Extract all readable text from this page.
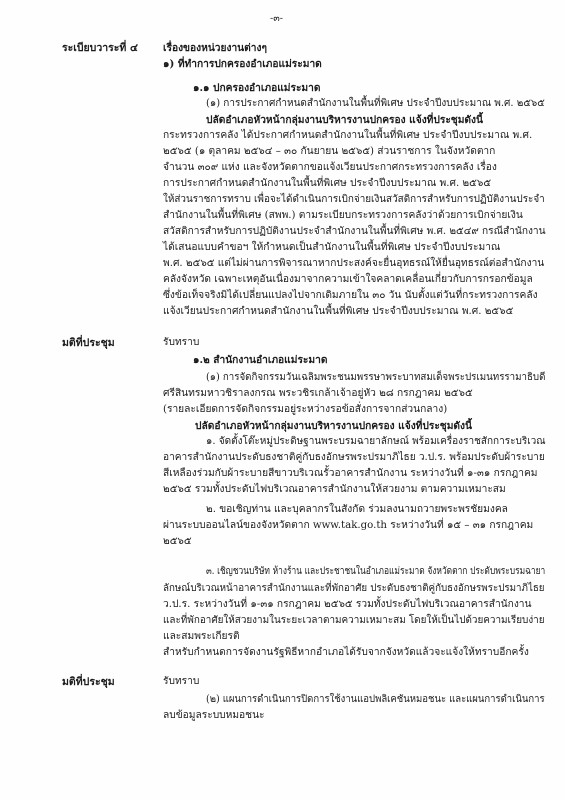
-๓-
ระเบียบวาระที่ ๔ เรื่องของหน่วยงานต่างๆ
๑) ที่ทำการปกครองอำเภอแม่ระมาด
๑.๑ ปกครองอำเภอแม่ระมาด
(๑) การประกาศกำหนดสำนักงานในพื้นที่พิเศษ ประจำปีงบประมาณ พ.ศ. ๒๕๖๕
ปลัดอำเภอหัวหน้ากลุ่มงานบริหารงานปกครอง แจ้งที่ประชุมดังนี้
กระทรวงการคลัง ได้ประกาศกำหนดสำนักงานในพื้นที่พิเศษ ประจำปีงบประมาณ พ.ศ.
๒๕๖๕ (๑ ตุลาคม ๒๕๖๔ – ๓๐ กันยายน ๒๕๖๕) ส่วนราชการ ในจังหวัดตาก
จำนวน ๓๐๙ แห่ง และจังหวัดตากขอแจ้งเวียนประกาศกระทรวงการคลัง เรื่อง
การประกาศกำหนดสำนักงานในพื้นที่พิเศษ ประจำปีงบประมาณ พ.ศ. ๒๕๖๕
ให้ส่วนราชการทราบ เพื่อจะได้ดำเนินการเบิกจ่ายเงินสวัสดิการสำหรับการปฏิบัติงานประจำ
สำนักงานในพื้นที่พิเศษ (สพพ.) ตามระเบียบกระทรวงการคลังว่าด้วยการเบิกจ่ายเงิน
สวัสดิการสำหรับการปฏิบัติงานประจำสำนักงานในพื้นที่พิเศษ พ.ศ. ๒๕๔๙ กรณีสำนักงาน
ได้เสนอแบบคำขอฯ ให้กำหนดเป็นสำนักงานในพื้นที่พิเศษ ประจำปีงบประมาณ
พ.ศ. ๒๕๖๕ แต่ไม่ผ่านการพิจารณาหากประสงค์จะยื่นอุทธรณ์ให้ยื่นอุทธรณ์ต่อสำนักงาน
คลังจังหวัด เฉพาะเหตุอันเนื่องมาจากความเข้าใจคลาดเคลื่อนเกี่ยวกับการกรอกข้อมูล
ซึ่งข้อเท็จจริงมิได้เปลี่ยนแปลงไปจากเดิมภายใน ๓๐ วัน นับตั้งแต่วันที่กระทรวงการคลัง
แจ้งเวียนประกาศกำหนดสำนักงานในพื้นที่พิเศษ ประจำปีงบประมาณ พ.ศ. ๒๕๖๕
มติที่ประชุม	รับทราบ
๑.๒ สำนักงานอำเภอแม่ระมาด
(๑) การจัดกิจกรรมวันเฉลิมพระชนมพรรษาพระบาทสมเด็จพระปรเมนทรรามาธิบดี
ศรีสินทรมหาวชิราลงกรณ พระวชิรเกล้าเจ้าอยู่หัว ๒๘ กรกฎาคม ๒๕๖๕
(รายละเอียดการจัดกิจกรรมอยู่ระหว่างรอข้อสั่งการจากส่วนกลาง)
ปลัดอำเภอหัวหน้ากลุ่มงานบริหารงานปกครอง แจ้งที่ประชุมดังนี้
๑. จัดตั้งโต๊ะหมู่ประดิษฐานพระบรมฉายาลักษณ์ พร้อมเครื่องราชสักการะบริเวณ
อาคารสำนักงานประดับธงชาติคู่กับธงอักษรพระปรมาภิไธย ว.ป.ร. พร้อมประดับผ้าระบาย
สีเหลืองร่วมกับผ้าระบายสีขาวบริเวณรั้วอาคารสำนักงาน ระหว่างวันที่ ๑-๓๑ กรกฎาคม
๒๕๖๕ รวมทั้งประดับไฟบริเวณอาคารสำนักงานให้สวยงาม ตามความเหมาะสม
๒. ขอเชิญท่าน และบุคลากรในสังกัด ร่วมลงนามถวายพระพรชัยมงคล
ผ่านระบบออนไลน์ของจังหวัดตาก www.tak.go.th ระหว่างวันที่ ๑๕ – ๓๑ กรกฎาคม
๒๕๖๕
๓. เชิญชวนบริษัท ห้างร้าน และประชาชนในอำเภอแม่ระมาด จังหวัดตาก ประดับพระบรมฉายา
ลักษณ์บริเวณหน้าอาคารสำนักงานและที่พักอาศัย ประดับธงชาติคู่กับธงอักษรพระปรมาภิไธย
ว.ป.ร. ระหว่างวันที่ ๑-๓๑ กรกฎาคม ๒๕๖๕ รวมทั้งประดับไฟบริเวณอาคารสำนักงาน
และที่พักอาศัยให้สวยงามในระยะเวลาตามความเหมาะสม โดยให้เป็นไปด้วยความเรียบง่าย
และสมพระเกียรติ
สำหรับกำหนดการจัดงานรัฐพิธีหากอำเภอได้รับจากจังหวัดแล้วจะแจ้งให้ทราบอีกครั้ง
มติที่ประชุม	รับทราบ
(๒) แผนการดำเนินการปิดการใช้งานแอปพลิเคชันหมอชนะ และแผนการดำเนินการ
ลบข้อมูลระบบหมอชนะ
